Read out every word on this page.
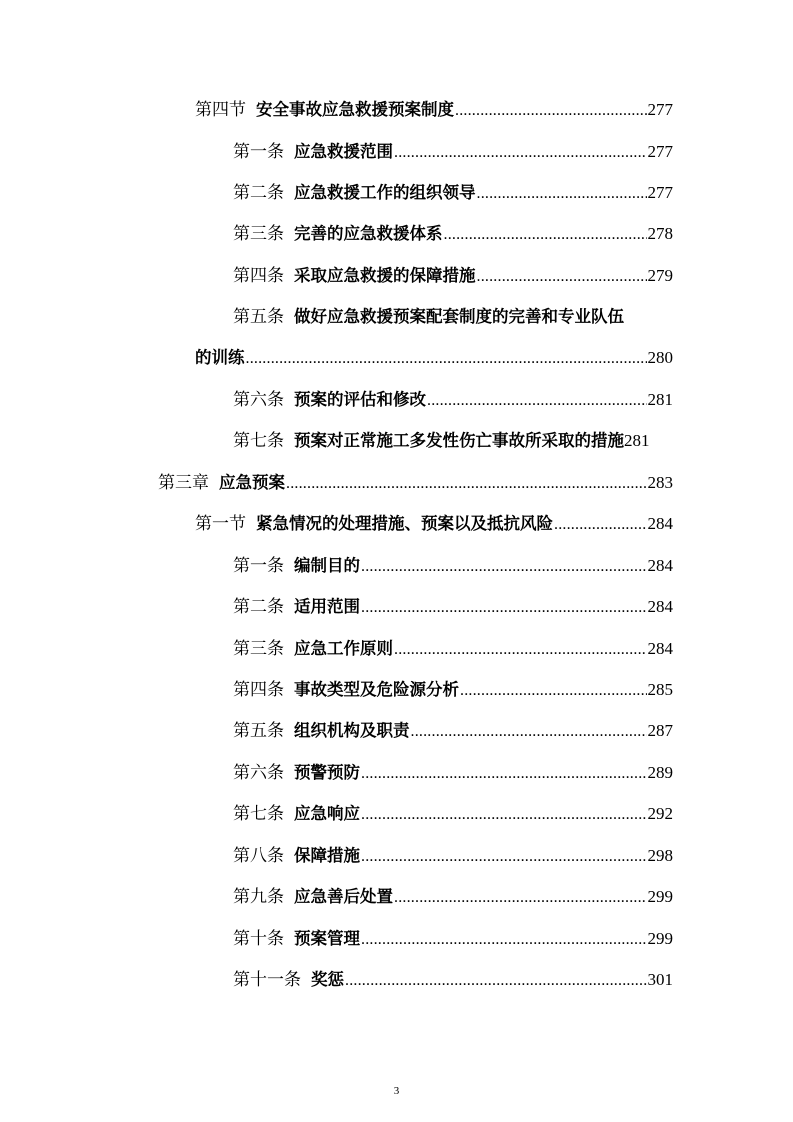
第四节 安全事故应急救援预案制度 .....	277
第一条 应急救援范围 .....	277
第二条 应急救援工作的组织领导 .....	277
第三条 完善的应急救援体系 .....	278
第四条 采取应急救援的保障措施 .....	279
第五条 做好应急救援预案配套制度的完善和专业队伍
的训练 .....	280
第六条 预案的评估和修改 .....	281
第七条 预案对正常施工多发性伤亡事故所采取的措施 281
第三章 应急预案 .....	283
第一节 紧急情况的处理措施、预案以及抵抗风险 .....	284
第一条 编制目的 .....	284
第二条 适用范围 .....	284
第三条 应急工作原则 .....	284
第四条 事故类型及危险源分析 .....	285
第五条 组织机构及职责 .....	287
第六条 预警预防 .....	289
第七条 应急响应 .....	292
第八条 保障措施 .....	298
第九条 应急善后处置 .....	299
第十条 预案管理 .....	299
第十一条 奖惩 .....	301
3
